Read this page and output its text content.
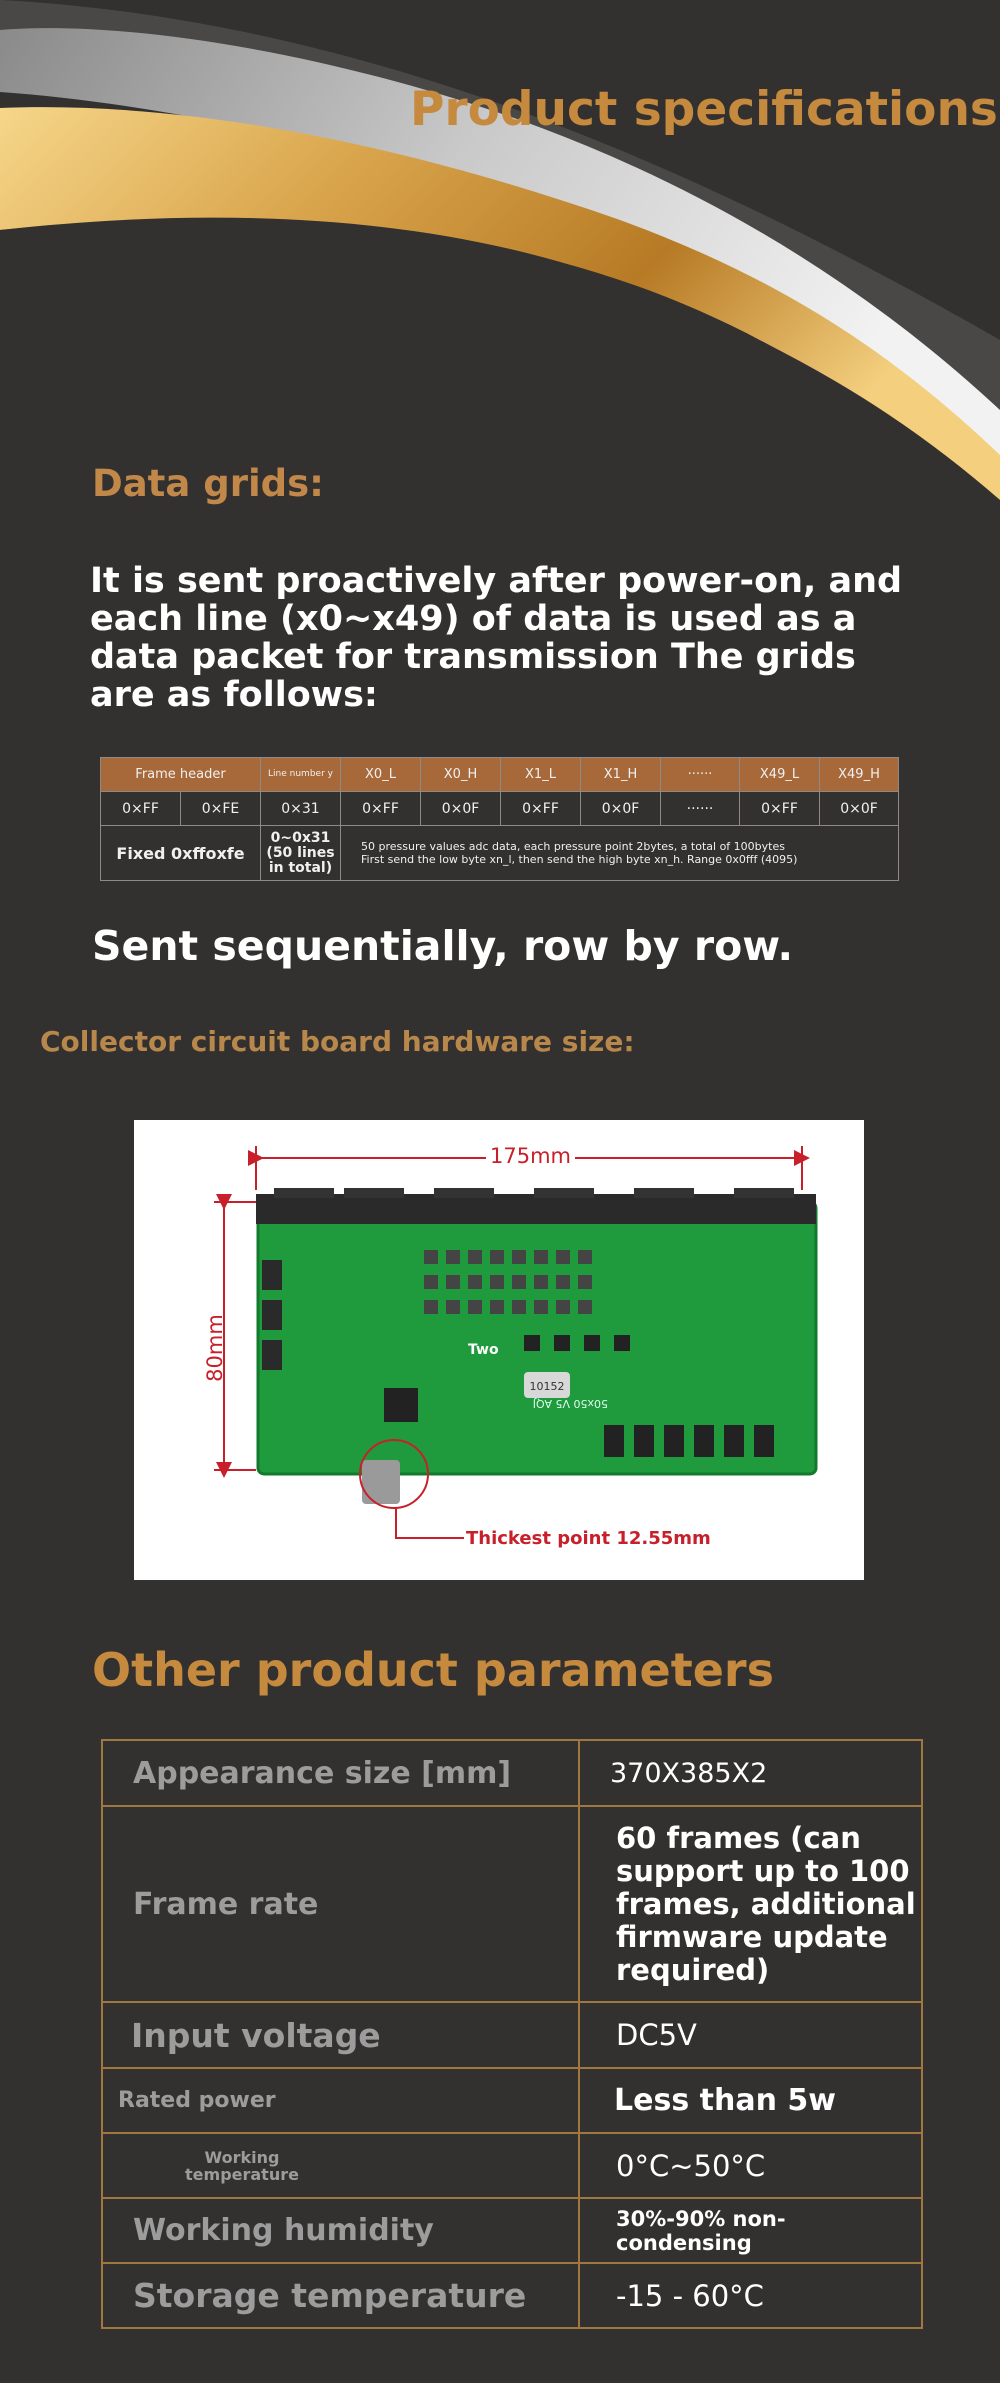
Product specifications
Data grids:
It is sent proactively after power-on, and each line (x0~x49) of data is used as a data packet for transmission The grids are as follows:
Frame header		Line number y	X0_L	X0_H	X1_L	X1_H	······	X49_L	X49_H
0×FF	0×FE	0×31	0×FF	0×0F	0×FF	0×0F	······	0×FF	0×0F
Fixed 0xffoxfe		0~0x31 (50 lines in total)	50 pressure values adc data, each pressure point 2bytes, a total of 100bytes
First send the low byte xn_l, then send the high byte xn_h. Range 0x0fff (4095)						
Sent sequentially, row by row.
Collector circuit board hardware size:
10152
50x50 V5 AQJ
Two
175mm
80mm
Thickest point 12.55mm
Other product parameters
Appearance size [mm]	370X385X2
Frame rate	60 frames (can support up to 100 frames, additional firmware update required)
Input voltage	DC5V
Rated power	Less than 5w

Working temperature	0°C~50°C
Working humidity	30%-90% non-condensing
Storage temperature	-15 - 60°C
